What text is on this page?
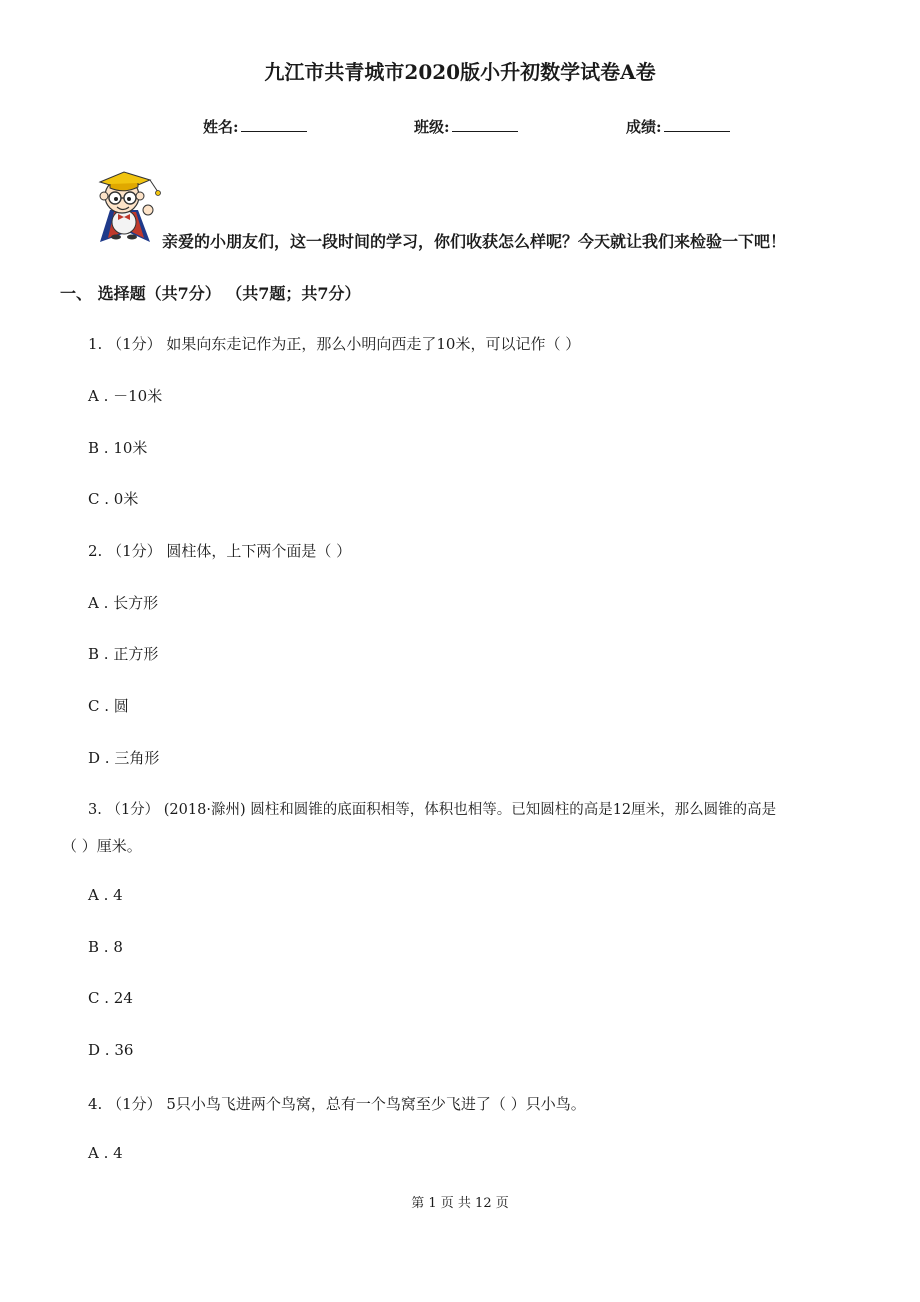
九江市共青城市2020版小升初数学试卷A卷
姓名:	班级:	成绩:
亲爱的小朋友们，这一段时间的学习，你们收获怎么样呢？今天就让我们来检验一下吧！
一、 选择题（共7分） （共7题；共7分）
1. （1分） 如果向东走记作为正，那么小明向西走了10米，可以记作（ ）
A . －10米
B . 10米
C . 0米
2. （1分） 圆柱体，上下两个面是（ ）
A . 长方形
B . 正方形
C . 圆
D . 三角形
3. （1分） (2018·滁州) 圆柱和圆锥的底面积相等，体积也相等。已知圆柱的高是12厘米，那么圆锥的高是
（ ）厘米。
A . 4
B . 8
C . 24
D . 36
4. （1分） 5只小鸟飞进两个鸟窝，总有一个鸟窝至少飞进了（ ）只小鸟。
A . 4
第 1 页 共 12 页
